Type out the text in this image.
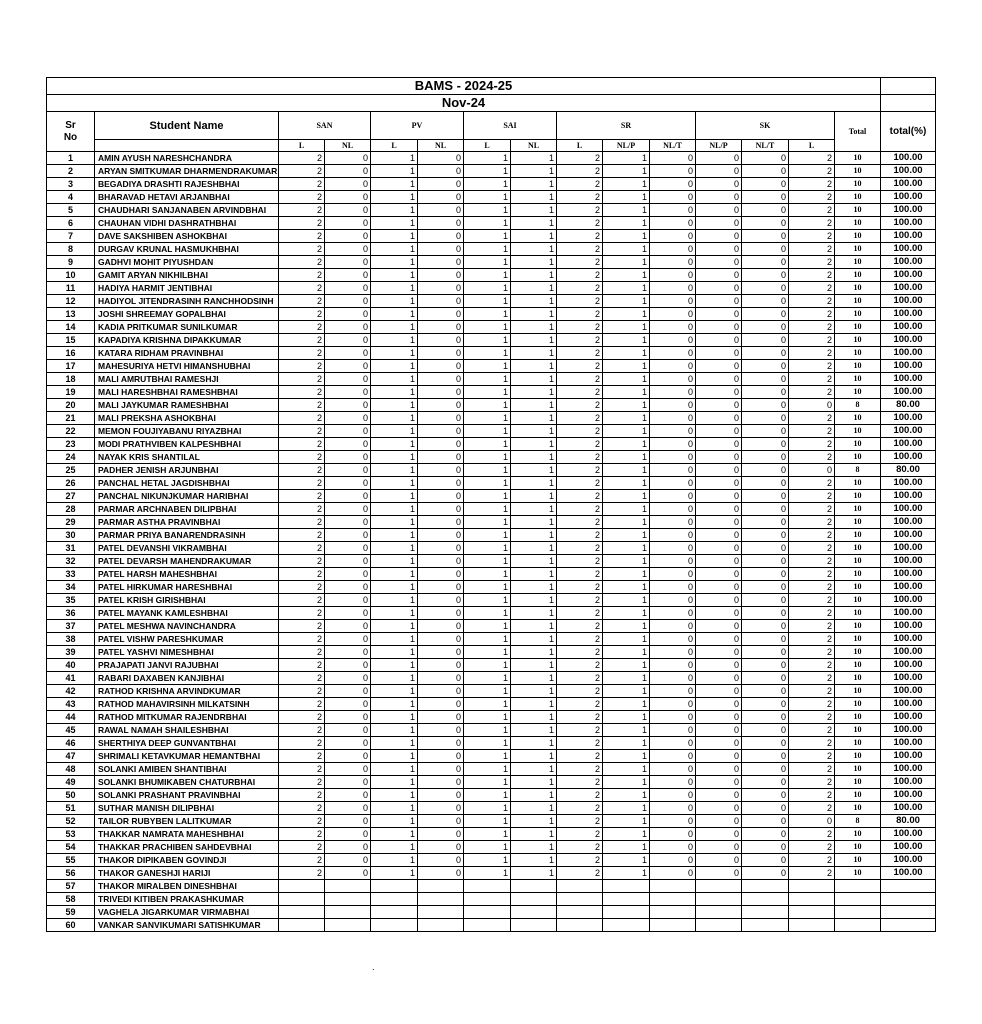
BAMS - 2024-25															
Nov-24															
Sr
No	Student Name	SAN		PV		SAI		SR			SK			Total	total(%)
		L	NL	L	NL	L	NL	L	NL/P	NL/T	NL/P	NL/T	L		
1	AMIN AYUSH NARESHCHANDRA	2	0	1	0	1	1	2	1	0	0	0	2	10	100.00
2	ARYAN SMITKUMAR DHARMENDRAKUMAR	2	0	1	0	1	1	2	1	0	0	0	2	10	100.00
3	BEGADIYA DRASHTI RAJESHBHAI	2	0	1	0	1	1	2	1	0	0	0	2	10	100.00
4	BHARAVAD HETAVI ARJANBHAI	2	0	1	0	1	1	2	1	0	0	0	2	10	100.00
5	CHAUDHARI SANJANABEN ARVINDBHAI	2	0	1	0	1	1	2	1	0	0	0	2	10	100.00
6	CHAUHAN VIDHI DASHRATHBHAI	2	0	1	0	1	1	2	1	0	0	0	2	10	100.00
7	DAVE SAKSHIBEN ASHOKBHAI	2	0	1	0	1	1	2	1	0	0	0	2	10	100.00
8	DURGAV KRUNAL HASMUKHBHAI	2	0	1	0	1	1	2	1	0	0	0	2	10	100.00
9	GADHVI MOHIT PIYUSHDAN	2	0	1	0	1	1	2	1	0	0	0	2	10	100.00
10	GAMIT ARYAN NIKHILBHAI	2	0	1	0	1	1	2	1	0	0	0	2	10	100.00
11	HADIYA HARMIT JENTIBHAI	2	0	1	0	1	1	2	1	0	0	0	2	10	100.00
12	HADIYOL JITENDRASINH RANCHHODSINH	2	0	1	0	1	1	2	1	0	0	0	2	10	100.00
13	JOSHI SHREEMAY GOPALBHAI	2	0	1	0	1	1	2	1	0	0	0	2	10	100.00
14	KADIA PRITKUMAR SUNILKUMAR	2	0	1	0	1	1	2	1	0	0	0	2	10	100.00
15	KAPADIYA KRISHNA DIPAKKUMAR	2	0	1	0	1	1	2	1	0	0	0	2	10	100.00
16	KATARA RIDHAM PRAVINBHAI	2	0	1	0	1	1	2	1	0	0	0	2	10	100.00
17	MAHESURIYA HETVI HIMANSHUBHAI	2	0	1	0	1	1	2	1	0	0	0	2	10	100.00
18	MALI AMRUTBHAI RAMESHJI	2	0	1	0	1	1	2	1	0	0	0	2	10	100.00
19	MALI HARESHBHAI RAMESHBHAI	2	0	1	0	1	1	2	1	0	0	0	2	10	100.00
20	MALI JAYKUMAR RAMESHBHAI	2	0	1	0	1	1	2	1	0	0	0	0	8	80.00
21	MALI PREKSHA ASHOKBHAI	2	0	1	0	1	1	2	1	0	0	0	2	10	100.00
22	MEMON FOUJIYABANU RIYAZBHAI	2	0	1	0	1	1	2	1	0	0	0	2	10	100.00
23	MODI PRATHVIBEN KALPESHBHAI	2	0	1	0	1	1	2	1	0	0	0	2	10	100.00
24	NAYAK KRIS SHANTILAL	2	0	1	0	1	1	2	1	0	0	0	2	10	100.00
25	PADHER JENISH ARJUNBHAI	2	0	1	0	1	1	2	1	0	0	0	0	8	80.00
26	PANCHAL HETAL JAGDISHBHAI	2	0	1	0	1	1	2	1	0	0	0	2	10	100.00
27	PANCHAL NIKUNJKUMAR HARIBHAI	2	0	1	0	1	1	2	1	0	0	0	2	10	100.00
28	PARMAR ARCHNABEN DILIPBHAI	2	0	1	0	1	1	2	1	0	0	0	2	10	100.00
29	PARMAR ASTHA PRAVINBHAI	2	0	1	0	1	1	2	1	0	0	0	2	10	100.00
30	PARMAR PRIYA BANARENDRASINH	2	0	1	0	1	1	2	1	0	0	0	2	10	100.00
31	PATEL DEVANSHI VIKRAMBHAI	2	0	1	0	1	1	2	1	0	0	0	2	10	100.00
32	PATEL DEVARSH MAHENDRAKUMAR	2	0	1	0	1	1	2	1	0	0	0	2	10	100.00
33	PATEL HARSH MAHESHBHAI	2	0	1	0	1	1	2	1	0	0	0	2	10	100.00
34	PATEL HIRKUMAR HARESHBHAI	2	0	1	0	1	1	2	1	0	0	0	2	10	100.00
35	PATEL KRISH GIRISHBHAI	2	0	1	0	1	1	2	1	0	0	0	2	10	100.00
36	PATEL MAYANK KAMLESHBHAI	2	0	1	0	1	1	2	1	0	0	0	2	10	100.00
37	PATEL MESHWA NAVINCHANDRA	2	0	1	0	1	1	2	1	0	0	0	2	10	100.00
38	PATEL VISHW PARESHKUMAR	2	0	1	0	1	1	2	1	0	0	0	2	10	100.00
39	PATEL YASHVI NIMESHBHAI	2	0	1	0	1	1	2	1	0	0	0	2	10	100.00
40	PRAJAPATI JANVI RAJUBHAI	2	0	1	0	1	1	2	1	0	0	0	2	10	100.00
41	RABARI DAXABEN KANJIBHAI	2	0	1	0	1	1	2	1	0	0	0	2	10	100.00
42	RATHOD KRISHNA ARVINDKUMAR	2	0	1	0	1	1	2	1	0	0	0	2	10	100.00
43	RATHOD MAHAVIRSINH MILKATSINH	2	0	1	0	1	1	2	1	0	0	0	2	10	100.00
44	RATHOD MITKUMAR RAJENDRBHAI	2	0	1	0	1	1	2	1	0	0	0	2	10	100.00
45	RAWAL NAMAH SHAILESHBHAI	2	0	1	0	1	1	2	1	0	0	0	2	10	100.00
46	SHERTHIYA DEEP GUNVANTBHAI	2	0	1	0	1	1	2	1	0	0	0	2	10	100.00
47	SHRIMALI KETAVKUMAR HEMANTBHAI	2	0	1	0	1	1	2	1	0	0	0	2	10	100.00
48	SOLANKI AMIBEN SHANTIBHAI	2	0	1	0	1	1	2	1	0	0	0	2	10	100.00
49	SOLANKI BHUMIKABEN CHATURBHAI	2	0	1	0	1	1	2	1	0	0	0	2	10	100.00
50	SOLANKI PRASHANT PRAVINBHAI	2	0	1	0	1	1	2	1	0	0	0	2	10	100.00
51	SUTHAR MANISH DILIPBHAI	2	0	1	0	1	1	2	1	0	0	0	2	10	100.00
52	TAILOR RUBYBEN LALITKUMAR	2	0	1	0	1	1	2	1	0	0	0	0	8	80.00
53	THAKKAR NAMRATA MAHESHBHAI	2	0	1	0	1	1	2	1	0	0	0	2	10	100.00
54	THAKKAR PRACHIBEN SAHDEVBHAI	2	0	1	0	1	1	2	1	0	0	0	2	10	100.00
55	THAKOR DIPIKABEN GOVINDJI	2	0	1	0	1	1	2	1	0	0	0	2	10	100.00
56	THAKOR GANESHJI HARIJI	2	0	1	0	1	1	2	1	0	0	0	2	10	100.00
57	THAKOR MIRALBEN DINESHBHAI														
58	TRIVEDI KITIBEN PRAKASHKUMAR														
59	VAGHELA JIGARKUMAR VIRMABHAI														
60	VANKAR SANVIKUMARI SATISHKUMAR														
.
